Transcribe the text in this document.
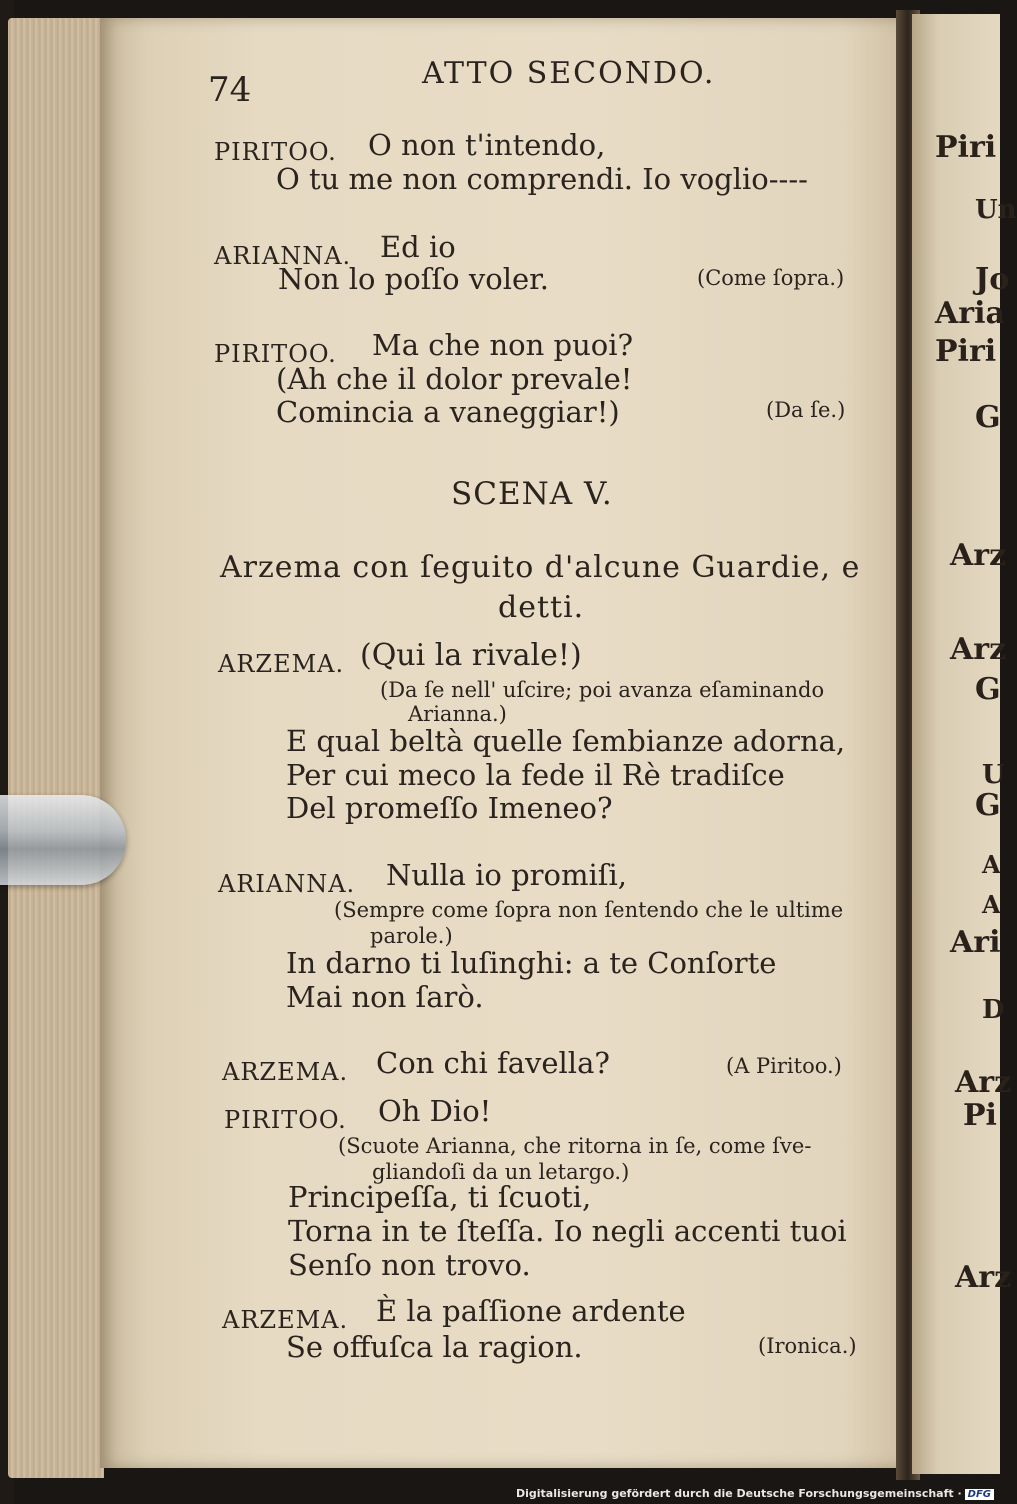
Piri
Un
Jo
Aria
Piri
G
Arz
Arz
G
U
G
A
A
Ari
D
Arz
Pi
Arz
74	ATTO SECONDO.
PIRITOO. O non t'intendo,
O tu me non comprendi. Io voglio----
ARIANNA. Ed io
Non lo poſſo voler.	(Come ſopra.)
PIRITOO. Ma che non puoi?
(Ah che il dolor prevale!
Comincia a vaneggiar!)	(Da ſe.)
SCENA V.
Arzema con ſeguito d'alcune Guardie, e
detti.
ARZEMA. (Qui la rivale!)
(Da ſe nell' uſcire; poi avanza eſaminando
Arianna.)
E qual beltà quelle ſembianze adorna,
Per cui meco la fede il Rè tradiſce
Del promeſſo Imeneo?
ARIANNA. Nulla io promiſi,
(Sempre come ſopra non ſentendo che le ultime
parole.)
In darno ti luſinghi: a te Conſorte
Mai non ſarò.
ARZEMA. Con chi favella?	(A Piritoo.)
PIRITOO. Oh Dio!
(Scuote Arianna, che ritorna in ſe, come ſve-
gliandoſi da un letargo.)
Principeſſa, ti ſcuoti,
Torna in te ſteſſa. Io negli accenti tuoi
Senſo non trovo.
ARZEMA. È la paſſione ardente
Se offuſca la ragion.	(Ironica.)
Digitalisierung gefördert durch die Deutsche Forschungsgemeinschaft · DFG
